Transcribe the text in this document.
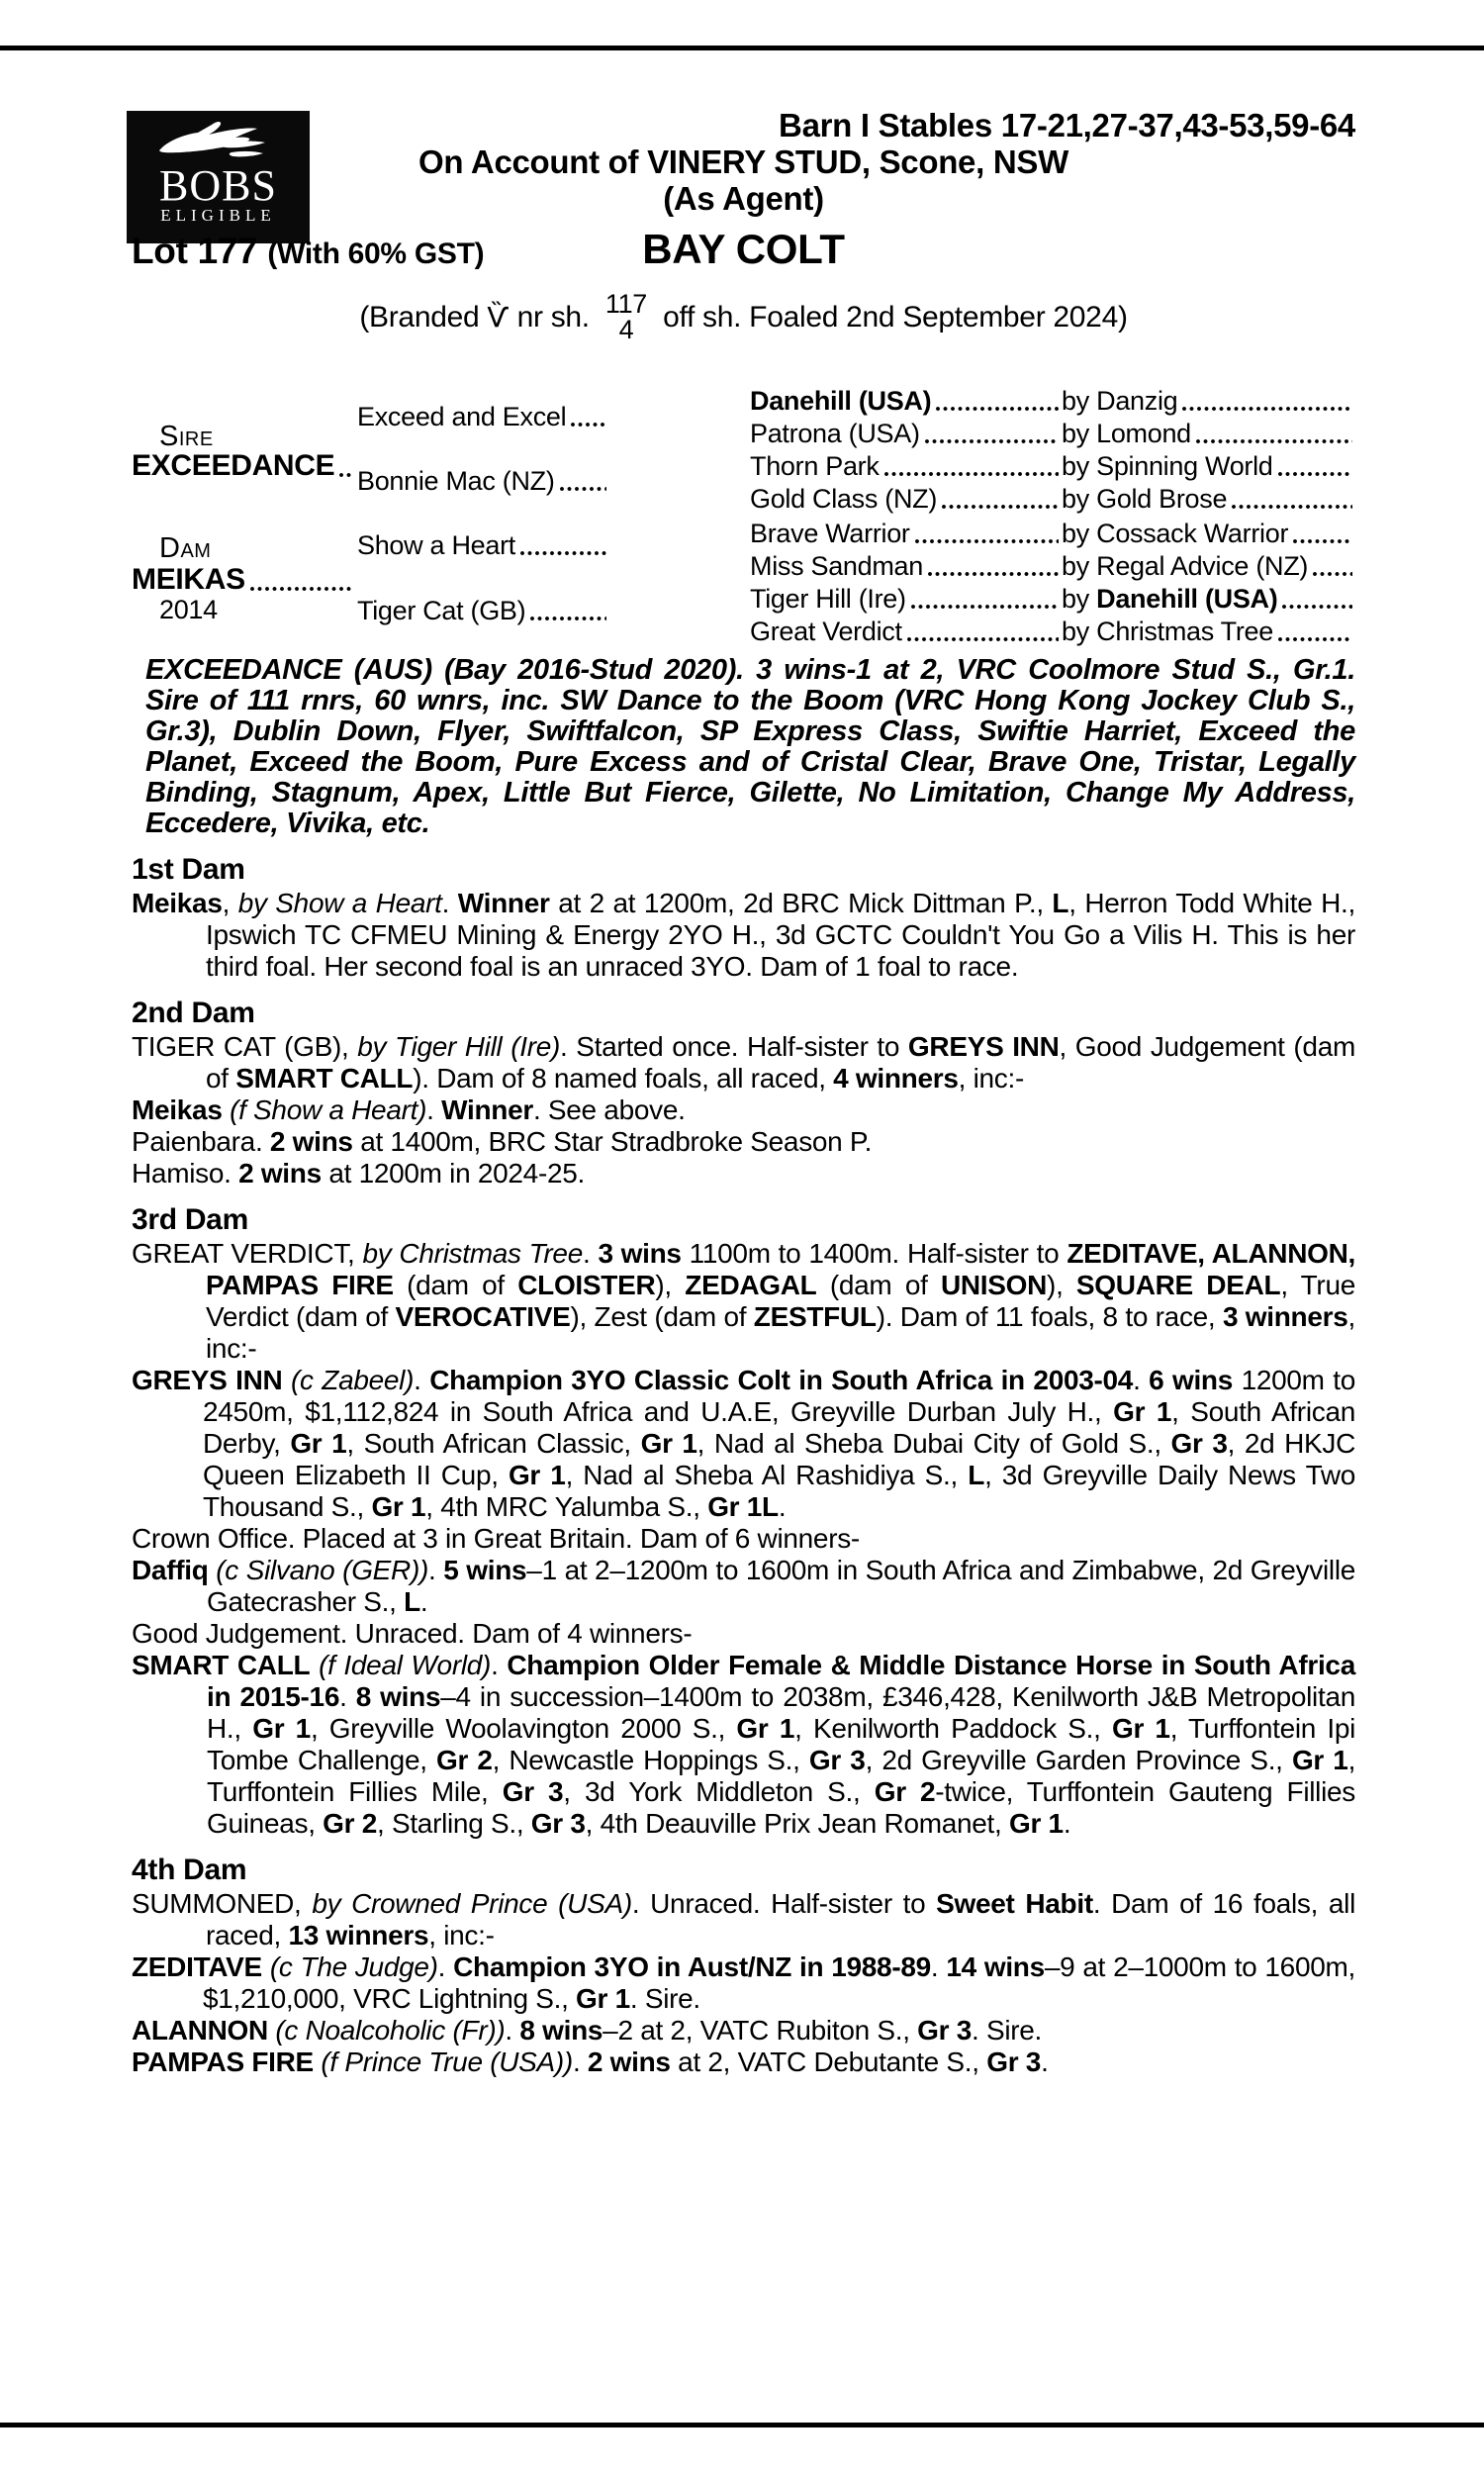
BOBS
ELIGIBLE
Barn I Stables 17-21,27-37,43-53,59-64
On Account of VINERY STUD, Scone, NSW
(As Agent)
Lot 177 (With 60% GST)	BAY COLT
(Branded Ѷ nr sh. 117
4 off sh. Foaled 2nd September 2024)
Sire
EXCEEDANCE
Dam
MEIKAS
2014
Exceed and Excel
Bonnie Mac (NZ)
Show a Heart
Tiger Cat (GB)
Danehill (USA)	by Danzig
Patrona (USA)	by Lomond
Thorn Park	by Spinning World
Gold Class (NZ)	by Gold Brose
Brave Warrior	by Cossack Warrior
Miss Sandman	by Regal Advice (NZ)
Tiger Hill (Ire)	by Danehill (USA)
Great Verdict	by Christmas Tree

EXCEEDANCE (AUS) (Bay 2016-Stud 2020). 3 wins-1 at 2, VRC Coolmore Stud S., Gr.1. Sire of 111 rnrs, 60 wnrs, inc. SW Dance to the Boom (VRC Hong Kong Jockey Club S., Gr.3), Dublin Down, Flyer, Swiftfalcon, SP Express Class, Swiftie Harriet, Exceed the Planet, Exceed the Boom, Pure Excess and of Cristal Clear, Brave One, Tristar, Legally Binding, Stagnum, Apex, Little But Fierce, Gilette, No Limitation, Change My Address, Eccedere, Vivika, etc.

1st Dam

Meikas, by Show a Heart. Winner at 2 at 1200m, 2d BRC Mick Dittman P., L, Herron Todd White H., Ipswich TC CFMEU Mining & Energy 2YO H., 3d GCTC Couldn't You Go a Vilis H. This is her third foal. Her second foal is an unraced 3YO. Dam of 1 foal to race.

2nd Dam

TIGER CAT (GB), by Tiger Hill (Ire). Started once. Half-sister to GREYS INN, Good Judgement (dam of SMART CALL). Dam of 8 named foals, all raced, 4 winners, inc:-

Meikas (f Show a Heart). Winner. See above.

Paienbara. 2 wins at 1400m, BRC Star Stradbroke Season P.

Hamiso. 2 wins at 1200m in 2024-25.

3rd Dam

GREAT VERDICT, by Christmas Tree. 3 wins 1100m to 1400m. Half-sister to ZEDITAVE, ALANNON, PAMPAS FIRE (dam of CLOISTER), ZEDAGAL (dam of UNISON), SQUARE DEAL, True Verdict (dam of VEROCATIVE), Zest (dam of ZESTFUL). Dam of 11 foals, 8 to race, 3 winners, inc:-

GREYS INN (c Zabeel). Champion 3YO Classic Colt in South Africa in 2003-04. 6 wins 1200m to 2450m, $1,112,824 in South Africa and U.A.E, Greyville Durban July H., Gr 1, South African Derby, Gr 1, South African Classic, Gr 1, Nad al Sheba Dubai City of Gold S., Gr 3, 2d HKJC Queen Elizabeth II Cup, Gr 1, Nad al Sheba Al Rashidiya S., L, 3d Greyville Daily News Two Thousand S., Gr 1, 4th MRC Yalumba S., Gr 1L.

Crown Office. Placed at 3 in Great Britain. Dam of 6 winners-

Daffiq (c Silvano (GER)). 5 wins–1 at 2–1200m to 1600m in South Africa and Zimbabwe, 2d Greyville Gatecrasher S., L.

Good Judgement. Unraced. Dam of 4 winners-

SMART CALL (f Ideal World). Champion Older Female & Middle Distance Horse in South Africa in 2015-16. 8 wins–4 in succession–1400m to 2038m, £346,428, Kenilworth J&B Metropolitan H., Gr 1, Greyville Woolavington 2000 S., Gr 1, Kenilworth Paddock S., Gr 1, Turffontein Ipi Tombe Challenge, Gr 2, Newcastle Hoppings S., Gr 3, 2d Greyville Garden Province S., Gr 1, Turffontein Fillies Mile, Gr 3, 3d York Middleton S., Gr 2-twice, Turffontein Gauteng Fillies Guineas, Gr 2, Starling S., Gr 3, 4th Deauville Prix Jean Romanet, Gr 1.

4th Dam

SUMMONED, by Crowned Prince (USA). Unraced. Half-sister to Sweet Habit. Dam of 16 foals, all raced, 13 winners, inc:-

ZEDITAVE (c The Judge). Champion 3YO in Aust/NZ in 1988-89. 14 wins–9 at 2–1000m to 1600m, $1,210,000, VRC Lightning S., Gr 1. Sire.

ALANNON (c Noalcoholic (Fr)). 8 wins–2 at 2, VATC Rubiton S., Gr 3. Sire.

PAMPAS FIRE (f Prince True (USA)). 2 wins at 2, VATC Debutante S., Gr 3.
